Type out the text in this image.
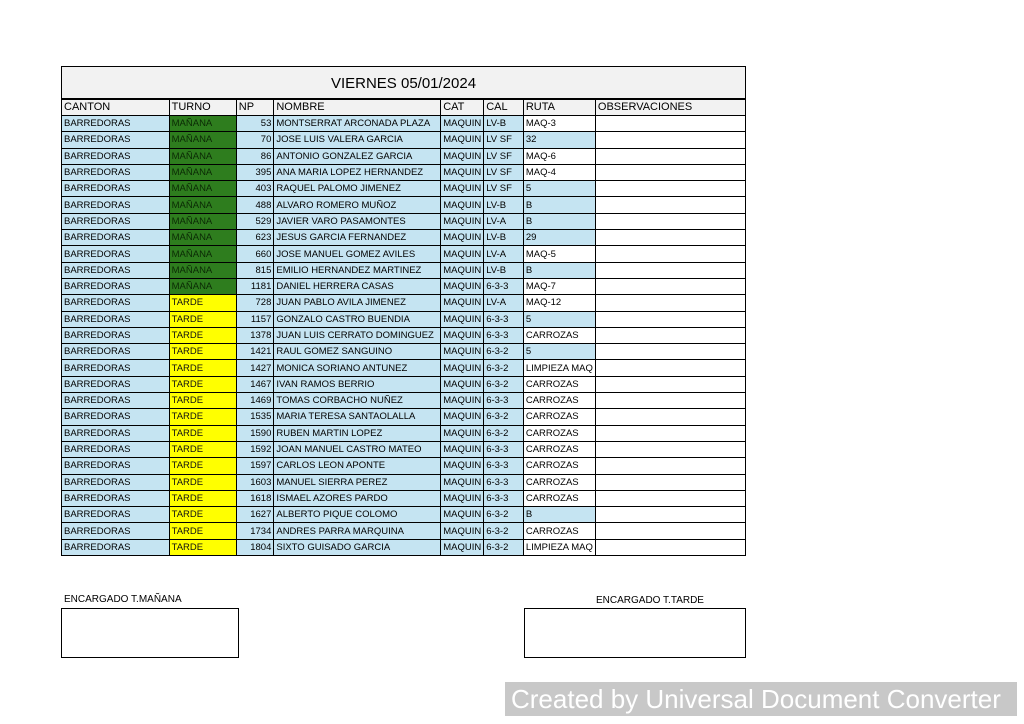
VIERNES 05/01/2024
CANTON	TURNO	NP	NOMBRE	CAT	CAL	RUTA	OBSERVACIONES
BARREDORAS	MAÑANA	53	MONTSERRAT ARCONADA PLAZA	MAQUIN	LV-B	MAQ-3	
BARREDORAS	MAÑANA	70	JOSE LUIS VALERA GARCIA	MAQUIN	LV SF	32	
BARREDORAS	MAÑANA	86	ANTONIO GONZALEZ GARCIA	MAQUIN	LV SF	MAQ-6	
BARREDORAS	MAÑANA	395	ANA MARIA LOPEZ HERNANDEZ	MAQUIN	LV SF	MAQ-4	
BARREDORAS	MAÑANA	403	RAQUEL PALOMO JIMENEZ	MAQUIN	LV SF	5	
BARREDORAS	MAÑANA	488	ALVARO ROMERO MUÑOZ	MAQUIN	LV-B	B	
BARREDORAS	MAÑANA	529	JAVIER VARO PASAMONTES	MAQUIN	LV-A	B	
BARREDORAS	MAÑANA	623	JESUS GARCIA FERNANDEZ	MAQUIN	LV-B	29	
BARREDORAS	MAÑANA	660	JOSE MANUEL GOMEZ AVILES	MAQUIN	LV-A	MAQ-5	
BARREDORAS	MAÑANA	815	EMILIO HERNANDEZ MARTINEZ	MAQUIN	LV-B	B	
BARREDORAS	MAÑANA	1181	DANIEL HERRERA CASAS	MAQUIN	6-3-3	MAQ-7	
BARREDORAS	TARDE	728	JUAN PABLO AVILA JIMENEZ	MAQUIN	LV-A	MAQ-12	
BARREDORAS	TARDE	1157	GONZALO CASTRO BUENDIA	MAQUIN	6-3-3	5	
BARREDORAS	TARDE	1378	JUAN LUIS CERRATO DOMINGUEZ	MAQUIN	6-3-3	CARROZAS	
BARREDORAS	TARDE	1421	RAUL GOMEZ SANGUINO	MAQUIN	6-3-2	5	
BARREDORAS	TARDE	1427	MONICA SORIANO ANTUNEZ	MAQUIN	6-3-2	LIMPIEZA MAQ	
BARREDORAS	TARDE	1467	IVAN RAMOS BERRIO	MAQUIN	6-3-2	CARROZAS	
BARREDORAS	TARDE	1469	TOMAS CORBACHO NUÑEZ	MAQUIN	6-3-3	CARROZAS	
BARREDORAS	TARDE	1535	MARIA TERESA SANTAOLALLA	MAQUIN	6-3-2	CARROZAS	
BARREDORAS	TARDE	1590	RUBEN MARTIN LOPEZ	MAQUIN	6-3-2	CARROZAS	
BARREDORAS	TARDE	1592	JOAN MANUEL CASTRO MATEO	MAQUIN	6-3-3	CARROZAS	
BARREDORAS	TARDE	1597	CARLOS LEON APONTE	MAQUIN	6-3-3	CARROZAS	
BARREDORAS	TARDE	1603	MANUEL SIERRA PEREZ	MAQUIN	6-3-3	CARROZAS	
BARREDORAS	TARDE	1618	ISMAEL AZORES PARDO	MAQUIN	6-3-3	CARROZAS	
BARREDORAS	TARDE	1627	ALBERTO PIQUE COLOMO	MAQUIN	6-3-2	B	
BARREDORAS	TARDE	1734	ANDRES PARRA MARQUINA	MAQUIN	6-3-2	CARROZAS	
BARREDORAS	TARDE	1804	SIXTO GUISADO GARCIA	MAQUIN	6-3-2	LIMPIEZA MAQ	
ENCARGADO T.MAÑANA	ENCARGADO T.TARDE
Created by Universal Document Converter
